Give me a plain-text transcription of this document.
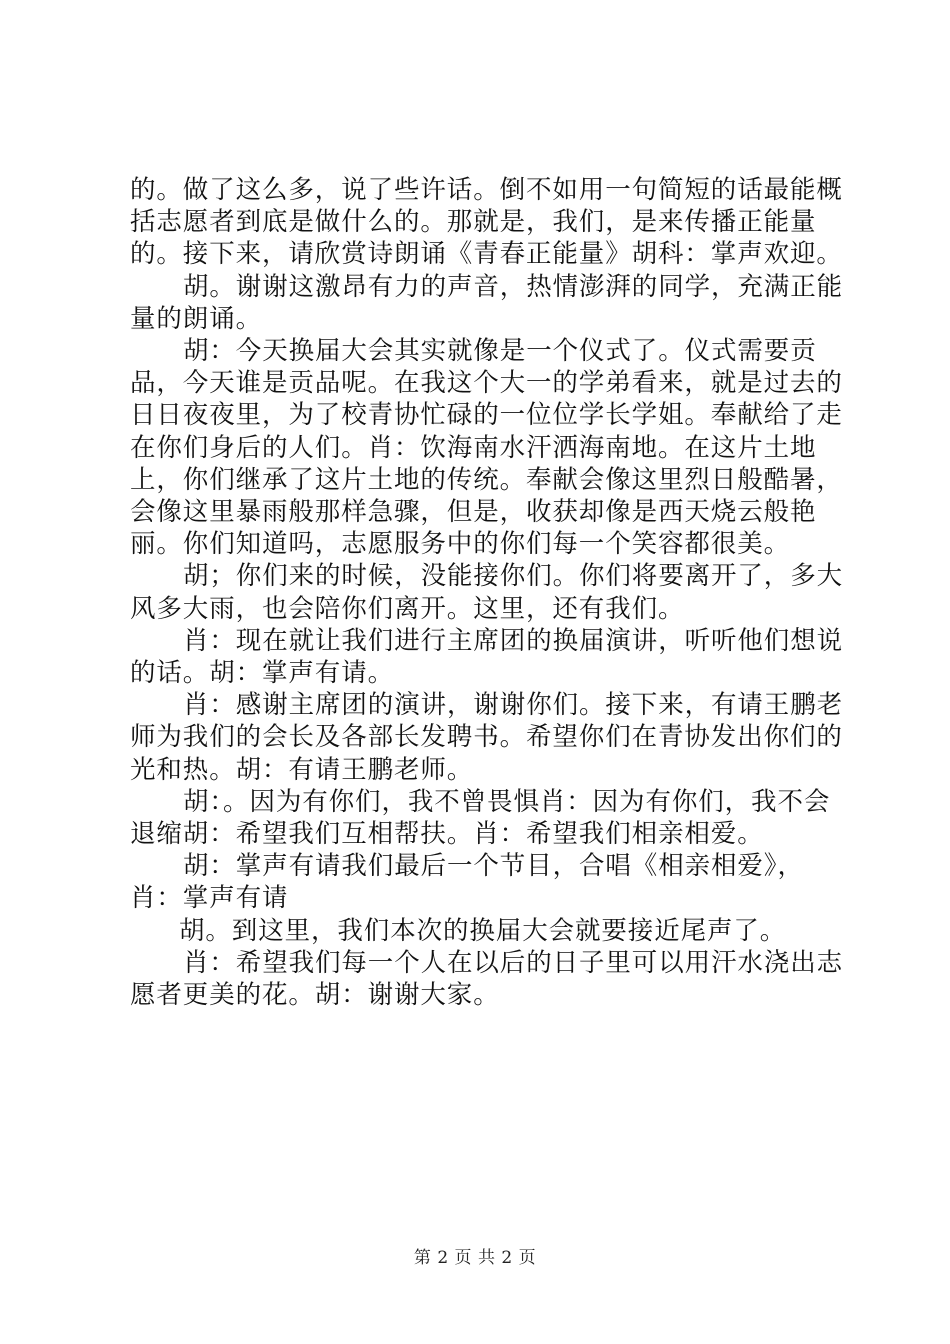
的。做了这么多，说了些许话。倒不如用一句简短的话最能概括志愿者到底是做什么的。那就是，我们，是来传播正能量的。接下来，请欣赏诗朗诵《青春正能量》胡科：掌声欢迎。

胡。谢谢这激昂有力的声音，热情澎湃的同学，充满正能量的朗诵。

胡：今天换届大会其实就像是一个仪式了。仪式需要贡品，今天谁是贡品呢。在我这个大一的学弟看来，就是过去的日日夜夜里，为了校青协忙碌的一位位学长学姐。奉献给了走在你们身后的人们。肖：饮海南水汗洒海南地。在这片土地上，你们继承了这片土地的传统。奉献会像这里烈日般酷暑，会像这里暴雨般那样急骤，但是，收获却像是西天烧云般艳丽。你们知道吗，志愿服务中的你们每一个笑容都很美。

胡；你们来的时候，没能接你们。你们将要离开了，多大风多大雨，也会陪你们离开。这里，还有我们。

肖：现在就让我们进行主席团的换届演讲，听听他们想说的话。胡：掌声有请。

肖：感谢主席团的演讲，谢谢你们。接下来，有请王鹏老师为我们的会长及各部长发聘书。希望你们在青协发出你们的光和热。胡：有请王鹏老师。

胡：。因为有你们，我不曾畏惧肖：因为有你们，我不会退缩胡：希望我们互相帮扶。肖：希望我们相亲相爱。

胡：掌声有请我们最后一个节目，合唱《相亲相爱》，肖：掌声有请

胡。到这里，我们本次的换届大会就要接近尾声了。

肖：希望我们每一个人在以后的日子里可以用汗水浇出志愿者更美的花。胡：谢谢大家。

第 2 页 共 2 页
